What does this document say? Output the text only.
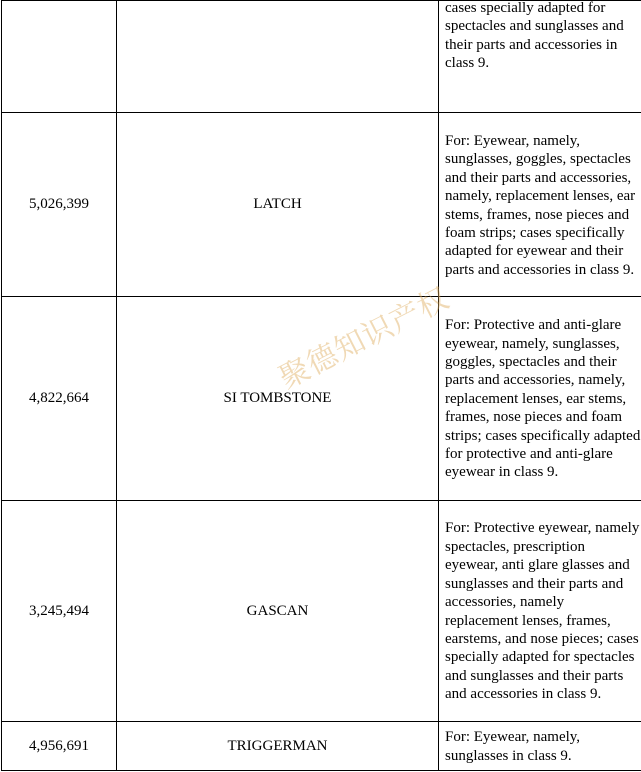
		cases specially adapted for spectacles and sunglasses and their parts and accessories in class 9.

5,026,399	LATCH	For: Eyewear, namely, sunglasses, goggles, spectacles and their parts and accessories, namely, replacement lenses, ear stems, frames, nose pieces and foam strips; cases specifically adapted for eyewear and their parts and accessories in class 9.

4,822,664	SI TOMBSTONE	For: Protective and anti-glare eyewear, namely, sunglasses, goggles, spectacles and their parts and accessories, namely, replacement lenses, ear stems, frames, nose pieces and foam strips; cases specifically adapted for protective and anti-glare eyewear in class 9.

3,245,494	GASCAN	For: Protective eyewear, namely spectacles, prescription eyewear, anti glare glasses and sunglasses and their parts and accessories, namely replacement lenses, frames, earstems, and nose pieces; cases specially adapted for spectacles and sunglasses and their parts and accessories in class 9.

4,956,691	TRIGGERMAN	For: Eyewear, namely, sunglasses in class 9.
聚德知识产权
